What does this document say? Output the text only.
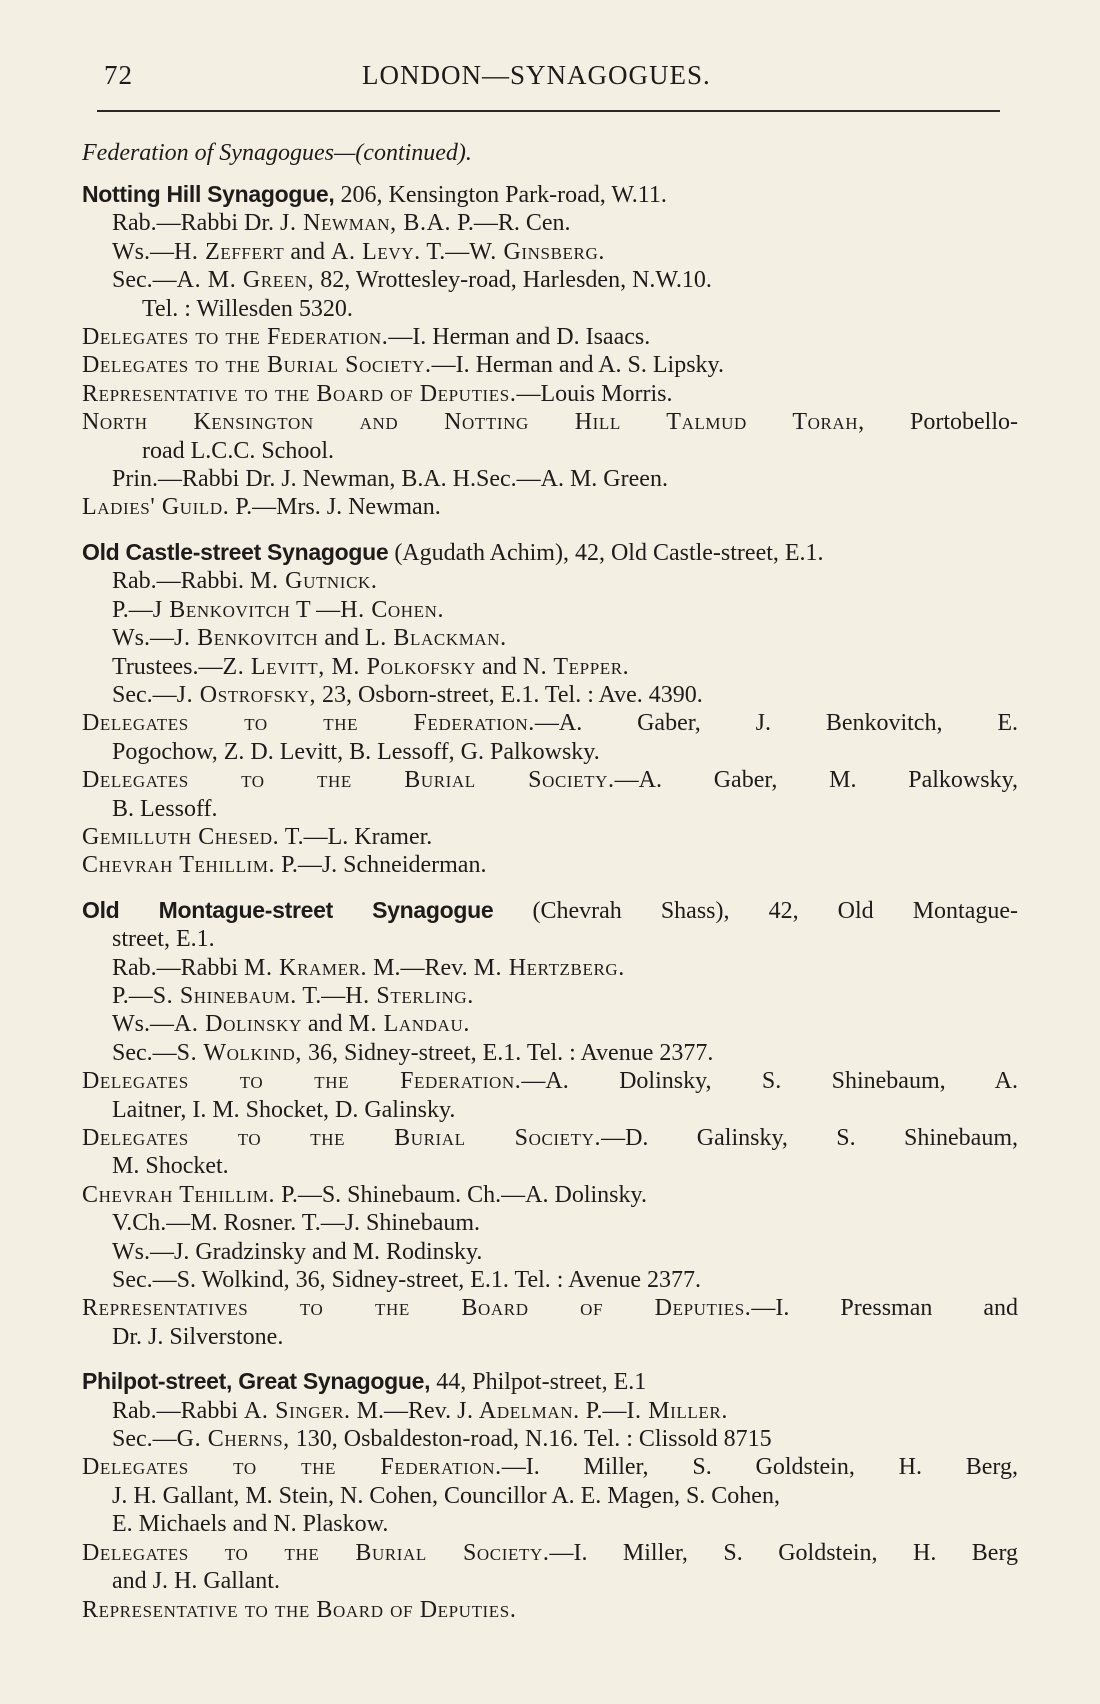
72	LONDON—SYNAGOGUES.
Federation of Synagogues—(continued).
Notting Hill Synagogue, 206, Kensington Park-road, W.11.
Rab.—Rabbi Dr. J. Newman, B.A. P.—R. Cen.
Ws.—H. Zeffert and A. Levy. T.—W. Ginsberg.
Sec.—A. M. Green, 82, Wrottesley-road, Harlesden, N.W.10.
Tel. : Willesden 5320.
Delegates to the Federation.—I. Herman and D. Isaacs.
Delegates to the Burial Society.—I. Herman and A. S. Lipsky.
Representative to the Board of Deputies.—Louis Morris.
North Kensington and Notting Hill Talmud Torah, Portobello-
road L.C.C. School.
Prin.—Rabbi Dr. J. Newman, B.A. H.Sec.—A. M. Green.
Ladies' Guild. P.—Mrs. J. Newman.
Old Castle-street Synagogue (Agudath Achim), 42, Old Castle-street, E.1.
Rab.—Rabbi. M. Gutnick.
P.—J Benkovitch T —H. Cohen.
Ws.—J. Benkovitch and L. Blackman.
Trustees.—Z. Levitt, M. Polkofsky and N. Tepper.
Sec.—J. Ostrofsky, 23, Osborn-street, E.1. Tel. : Ave. 4390.
Delegates to the Federation.—A. Gaber, J. Benkovitch, E.
Pogochow, Z. D. Levitt, B. Lessoff, G. Palkowsky.
Delegates to the Burial Society.—A. Gaber, M. Palkowsky,
B. Lessoff.
Gemilluth Chesed. T.—L. Kramer.
Chevrah Tehillim. P.—J. Schneiderman.
Old Montague-street Synagogue (Chevrah Shass), 42, Old Montague-
street, E.1.
Rab.—Rabbi M. Kramer. M.—Rev. M. Hertzberg.
P.—S. Shinebaum. T.—H. Sterling.
Ws.—A. Dolinsky and M. Landau.
Sec.—S. Wolkind, 36, Sidney-street, E.1. Tel. : Avenue 2377.
Delegates to the Federation.—A. Dolinsky, S. Shinebaum, A.
Laitner, I. M. Shocket, D. Galinsky.
Delegates to the Burial Society.—D. Galinsky, S. Shinebaum,
M. Shocket.
Chevrah Tehillim. P.—S. Shinebaum. Ch.—A. Dolinsky.
V.Ch.—M. Rosner. T.—J. Shinebaum.
Ws.—J. Gradzinsky and M. Rodinsky.
Sec.—S. Wolkind, 36, Sidney-street, E.1. Tel. : Avenue 2377.
Representatives to the Board of Deputies.—I. Pressman and
Dr. J. Silverstone.
Philpot-street, Great Synagogue, 44, Philpot-street, E.1
Rab.—Rabbi A. Singer. M.—Rev. J. Adelman. P.—I. Miller.
Sec.—G. Cherns, 130, Osbaldeston-road, N.16. Tel. : Clissold 8715
Delegates to the Federation.—I. Miller, S. Goldstein, H. Berg,
J. H. Gallant, M. Stein, N. Cohen, Councillor A. E. Magen, S. Cohen,
E. Michaels and N. Plaskow.
Delegates to the Burial Society.—I. Miller, S. Goldstein, H. Berg
and J. H. Gallant.
Representative to the Board of Deputies.
